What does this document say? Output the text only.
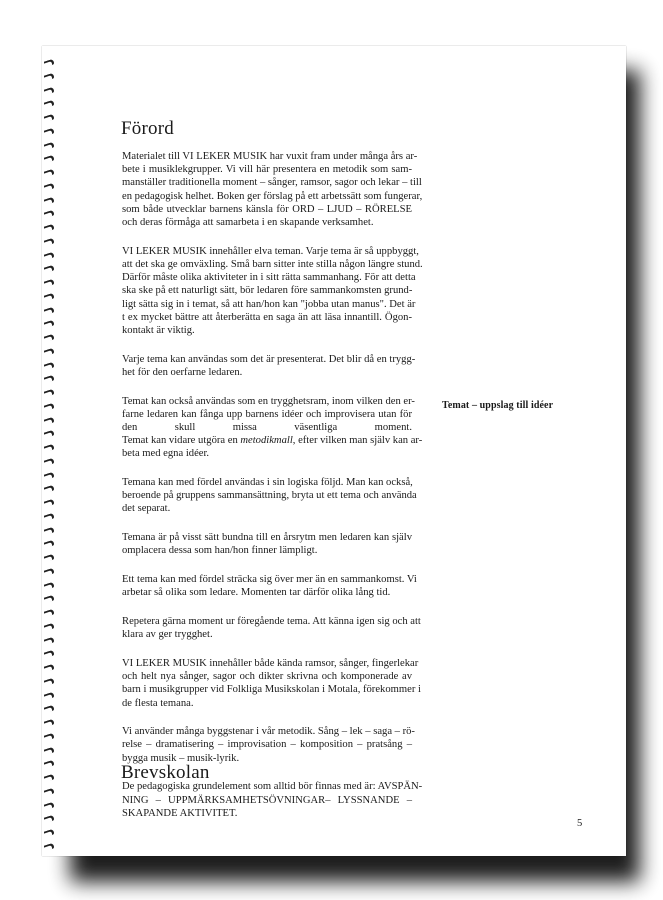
Förord

Materialet till VI LEKER MUSIK har vuxit fram under många års ar-
bete i musiklekgrupper. Vi vill här presentera en metodik som sam-
manställer traditionella moment – sånger, ramsor, sagor och lekar – till
en pedagogisk helhet. Boken ger förslag på ett arbetssätt som fungerar,
som både utvecklar barnens känsla för ORD – LJUD – RÖRELSE
och deras förmåga att samarbeta i en skapande verksamhet.

VI LEKER MUSIK innehåller elva teman. Varje tema är så uppbyggt,
att det ska ge omväxling. Små barn sitter inte stilla någon längre stund.
Därför måste olika aktiviteter in i sitt rätta sammanhang. För att detta
ska ske på ett naturligt sätt, bör ledaren före sammankomsten grund-
ligt sätta sig in i temat, så att han/hon kan "jobba utan manus". Det är
t ex mycket bättre att återberätta en saga än att läsa innantill. Ögon-
kontakt är viktig.

Varje tema kan användas som det är presenterat. Det blir då en trygg-
het för den oerfarne ledaren.

Temat kan också användas som en trygghetsram, inom vilken den er-
farne ledaren kan fånga upp barnens idéer och improvisera utan för
den skull missa väsentliga moment.
Temat kan vidare utgöra en metodikmall, efter vilken man själv kan ar-
beta med egna idéer.

Temana kan med fördel användas i sin logiska följd. Man kan också,
beroende på gruppens sammansättning, bryta ut ett tema och använda
det separat.

Temana är på visst sätt bundna till en årsrytm men ledaren kan själv
omplacera dessa som han/hon finner lämpligt.

Ett tema kan med fördel sträcka sig över mer än en sammankomst. Vi
arbetar så olika som ledare. Momenten tar därför olika lång tid.

Repetera gärna moment ur föregående tema. Att känna igen sig och att
klara av ger trygghet.

VI LEKER MUSIK innehåller både kända ramsor, sånger, fingerlekar
och helt nya sånger, sagor och dikter skrivna och komponerade av
barn i musikgrupper vid Folkliga Musikskolan i Motala, förekommer i
de flesta temana.

Vi använder många byggstenar i vår metodik. Sång – lek – saga – rö-
relse – dramatisering – improvisation – komposition – pratsång –
bygga musik – musik-lyrik.

De pedagogiska grundelement som alltid bör finnas med är: AVSPÄN-
NING – UPPMÄRKSAMHETSÖVNINGAR– LYSSNANDE –
SKAPANDE AKTIVITET.

Temat – uppslag till idéer
Brevskolan
5
